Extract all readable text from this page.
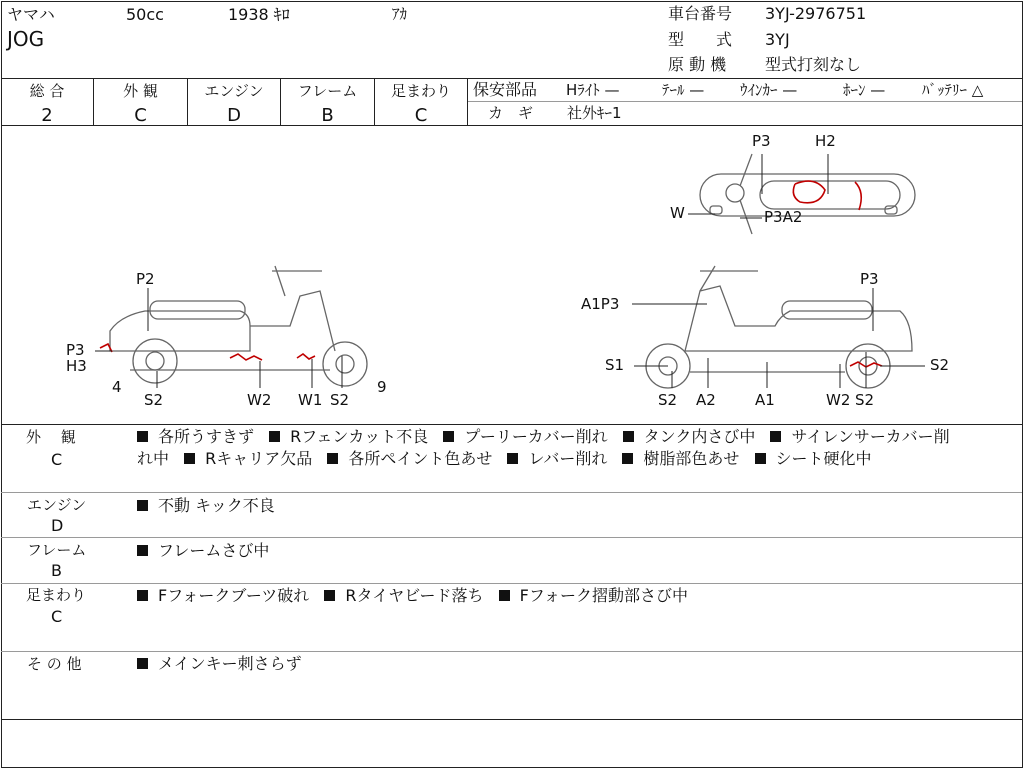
ヤマハ	50cc	1938 ｷﾛ	ｱｶ
JOG
車台番号 3YJ-2976751
型　　式 3YJ
原 動 機 型式打刻なし
総 合
2
外 観
C
エンジン
D
フレーム
B
足まわり
C
保安部品 Hﾗｲﾄ —	ﾃｰﾙ — ｳｲﾝｶｰ —	ﾎｰﾝ — ﾊﾞｯﾃﾘｰ △
カ　ギ 社外ｷｰ1
P3	H2
W	P3A2
P2
P3
H3
4
S2	W2 W1 S2
9
A1P3
P3
S1	S2
S2 A2	A1	W2 S2
外　 観
C
各所うすきず Rフェンカット不良 プーリーカバー削れ タンク内さび中 サイレンサーカバー削
れ中 Rキャリア欠品 各所ペイント色あせ レバー削れ 樹脂部色あせ シート硬化中
エンジン
D
不動 キック不良
フレーム
B
フレームさび中
足まわり
C
Fフォークブーツ破れ Rタイヤビード落ち Fフォーク摺動部さび中
そ の 他	メインキー刺さらず
